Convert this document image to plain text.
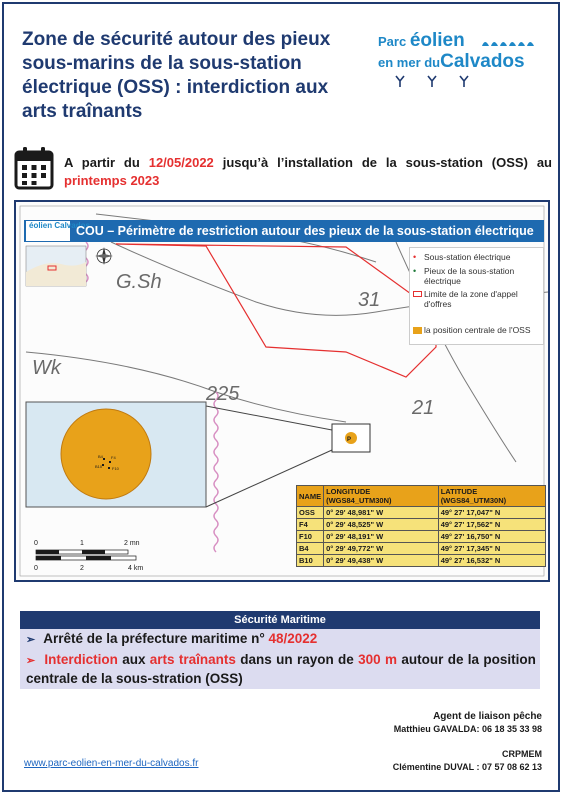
Zone de sécurité autour des pieux
sous-marins de la sous-station
électrique (OSS) : interdiction aux
arts traînants
Parc éolien
en mer duCalvados
A partir du 12/05/2022 jusqu’à l’installation de la sous-station (OSS) au printemps 2023
G.Sh
31
Wk
225
21
P
B4 F4
F10
B10
éolien Calvados
COU – Périmètre de restriction autour des pieux de la sous-station électrique
• Sous-station électrique
• Pieux de la sous-station électrique
Limite de la zone d'appel d'offres
la position centrale de l'OSS
NAME	LONGITUDE (WGS84_UTM30N)	LATITUDE (WGS84_UTM30N)
OSS	0° 29' 48,981" W	49° 27' 17,047" N
F4	0° 29' 48,525" W	49° 27' 17,562" N
F10	0° 29' 48,191" W	49° 27' 16,750" N
B4	0° 29' 49,772" W	49° 27' 17,345" N
B10	0° 29' 49,438" W	49° 27' 16,532" N
0	1	2 mn
0	2	4 km
Sécurité Maritime
➢ Arrêté de la préfecture maritime n° 48/2022
➢ Interdiction aux arts traînants dans un rayon de 300 m autour de la position centrale de la sous-stration (OSS)
Agent de liaison pêche
Matthieu GAVALDA: 06 18 35 33 98
CRPMEM
Clémentine DUVAL : 07 57 08 62 13
www.parc-eolien-en-mer-du-calvados.fr
